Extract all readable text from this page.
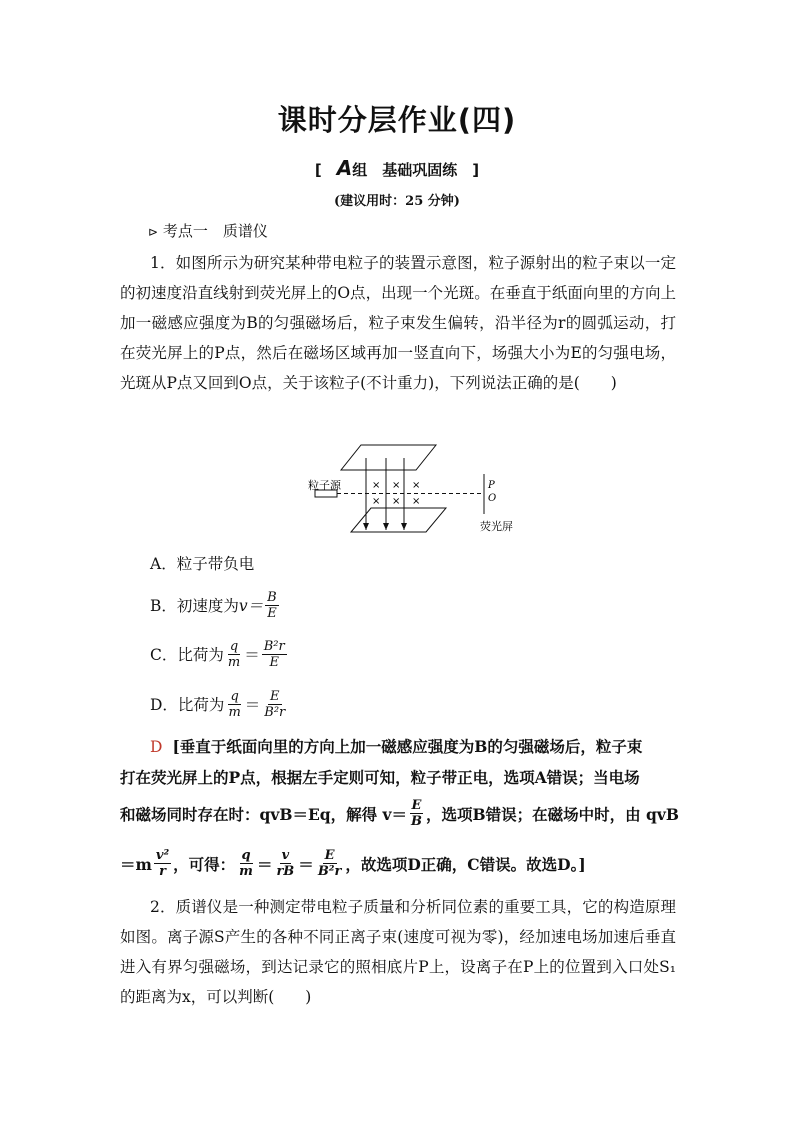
课时分层作业(四)
[　A组　基础巩固练　]
(建议用时：25 分钟)
⊳ 考点一　质谱仪
1．如图所示为研究某种带电粒子的装置示意图，粒子源射出的粒子束以一定的初速度沿直线射到荧光屏上的O点，出现一个光斑。在垂直于纸面向里的方向上加一磁感应强度为B的匀强磁场后，粒子束发生偏转，沿半径为r的圆弧运动，打在荧光屏上的P点，然后在磁场区域再加一竖直向下，场强大小为E的匀强电场，光斑从P点又回到O点，关于该粒子(不计重力)，下列说法正确的是(　　)
× × ×
× × ×
粒子源	P
O
荧光屏
A．粒子带负电
B．初速度为 $v= \frac{B}{E}$
C．比荷为 $\frac{q}{m} = \frac{\text{B²r}}{E}$
D．比荷为 $\frac{q}{m} = \frac{E}{\text{B²r}}$
D [垂直于纸面向里的方向上加一磁感应强度为B的匀强磁场后，粒子束
打在荧光屏上的P点，根据左手定则可知，粒子带正电，选项A错误；当电场
和磁场同时存在时：qvB＝Eq，解得 $v= \frac{E}{B}$ ，选项B错误；在磁场中时，由 qvB
$=m \frac{\text{v²}}{r}$ ，可得： $\frac{q}{m} = \frac{v}{rB} = \frac{E}{\text{B²r}}$ ，故选项D正确，C错误。故选D。]
2．质谱仪是一种测定带电粒子质量和分析同位素的重要工具，它的构造原理如图。离子源S产生的各种不同正离子束(速度可视为零)，经加速电场加速后垂直进入有界匀强磁场，到达记录它的照相底片P上，设离子在P上的位置到入口处S₁的距离为x，可以判断(　　)
